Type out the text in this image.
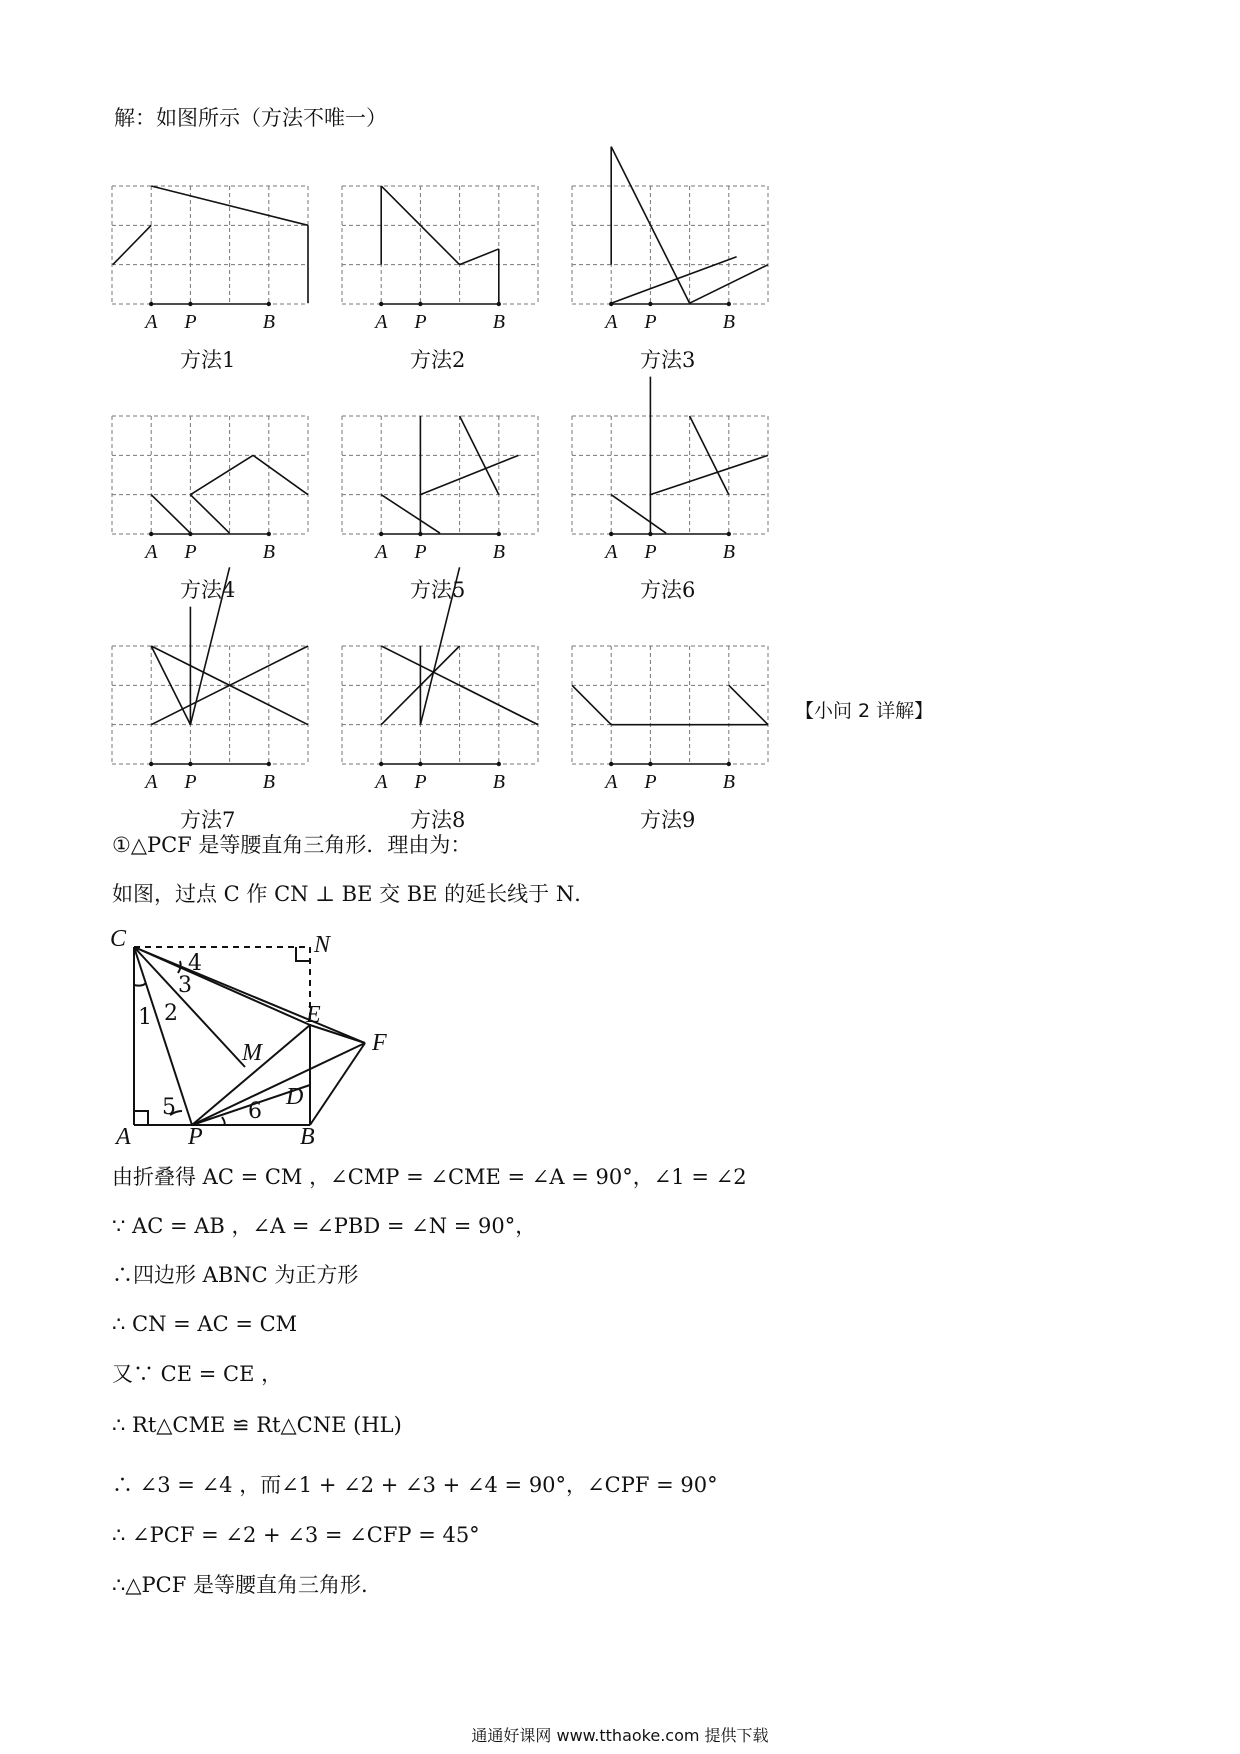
解：如图所示（方法不唯一）
A P	B
方法1
A P	B
方法2
A P	B
方法3
A P	B
方法4
A P	B
方法5
A P	B
方法6
A P	B
方法7
A P	B
方法8
A P	B
方法9
【小问 2 详解】
①△PCF 是等腰直角三角形．理由为：
如图，过点 C 作 CN ⊥ BE 交 BE 的延长线于 N．
C	N
E
F
M
D
A P	B
1 2
3
4
5	6
由折叠得 AC = CM ，∠CMP = ∠CME = ∠A = 90°，∠1 = ∠2
∵ AC = AB ，∠A = ∠PBD = ∠N = 90°，
∴四边形 ABNC 为正方形
∴ CN = AC = CM
又∵ CE = CE ，
∴ Rt△CME ≌ Rt△CNE (HL)
∴ ∠3 = ∠4 ，而∠1 + ∠2 + ∠3 + ∠4 = 90°，∠CPF = 90°
∴ ∠PCF = ∠2 + ∠3 = ∠CFP = 45°
∴△PCF 是等腰直角三角形.
通通好课网 www.tthaoke.com 提供下载
